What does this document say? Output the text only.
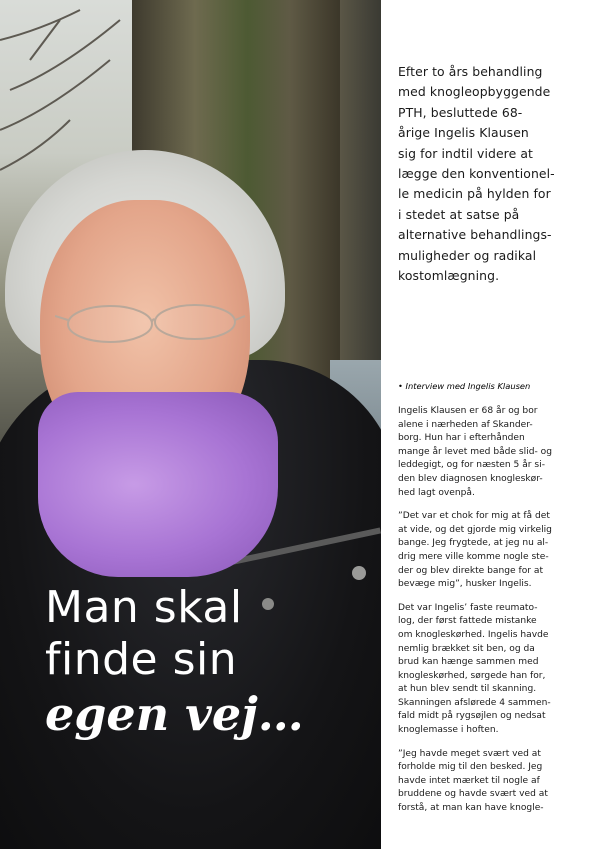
Man skal
finde sin
egen vej…

Efter to års behandling
med knogleopbyggende
PTH, besluttede 68-
årige Ingelis Klausen
sig for indtil videre at
lægge den konventionel-
le medicin på hylden for
i stedet at satse på
alternative behandlings-
muligheder og radikal
kostomlægning.

• Interview med Ingelis Klausen

Ingelis Klausen er 68 år og bor
alene i nærheden af Skander-
borg. Hun har i efterhånden
mange år levet med både slid- og
leddegigt, og for næsten 5 år si-
den blev diagnosen knogleskør-
hed lagt ovenpå.

”Det var et chok for mig at få det
at vide, og det gjorde mig virkelig
bange. Jeg frygtede, at jeg nu al-
drig mere ville komme nogle ste-
der og blev direkte bange for at
bevæge mig”, husker Ingelis.

Det var Ingelis’ faste reumato-
log, der først fattede mistanke
om knogleskørhed. Ingelis havde
nemlig brækket sit ben, og da
brud kan hænge sammen med
knogleskørhed, sørgede han for,
at hun blev sendt til skanning.
Skanningen afslørede 4 sammen-
fald midt på rygsøjlen og nedsat
knoglemasse i hoften.

”Jeg havde meget svært ved at
forholde mig til den besked. Jeg
havde intet mærket til nogle af
bruddene og havde svært ved at
forstå, at man kan have knogle-
